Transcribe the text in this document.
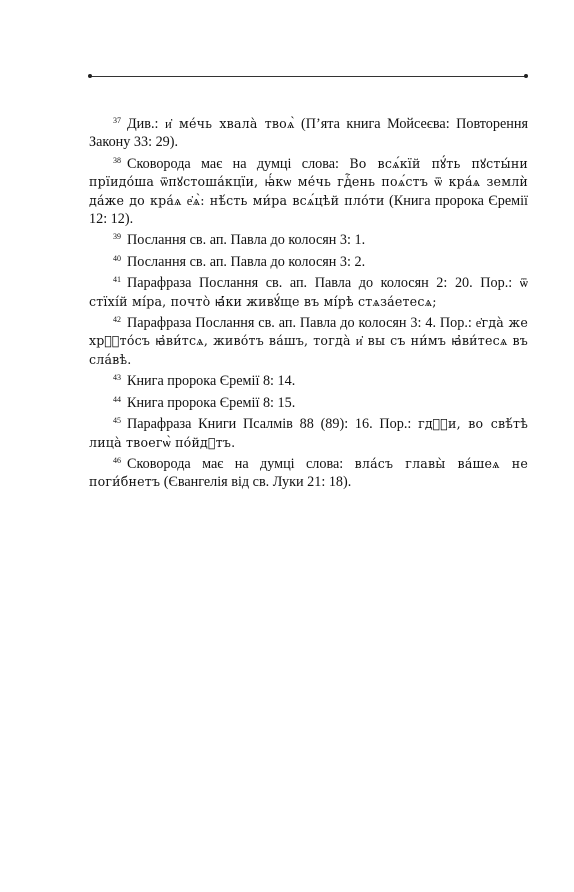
$^{37}$ Див.: и҆ ме́чь хвала̀ твоѧ̀ (П’ята книга Мойсеєва: Повторення Закону 33: 29).

$^{38}$ Сковорода має на думці слова: Во всѧ́кїй пꙋ́ть пꙋсты́ни прїидо́ша ѿпꙋстоша́кцїи, ꙗ҆́кѡ ме́чь гдⷭ҇ень поѧ́стъ ѿ кра́ѧ землѝ да́же до кра́ѧ е҆ѧ̀: нѣ́сть ми́ра всѧ́цѣй пло́ти (Книга пророка Єремії 12: 12).

$^{39}$ Послання св. ап. Павла до колосян 3: 1.

$^{40}$ Послання св. ап. Павла до колосян 3: 2.

$^{41}$ Парафраза Послання св. ап. Павла до колосян 2: 20. Пор.: ѿ стїхі́й мі́ра, почто̀ ꙗ҆́ки живꙋ́ще въ мі́рѣ стѧза́етесѧ;

$^{42}$ Парафраза Послання св. ап. Павла до колосян 3: 4. Пор.: е҆гда̀ же хрⷭ҇то́съ ꙗ҆ви́тсѧ, живо́тъ ва́шъ, тогда̀ и҆ вы съ ни́мъ ꙗ҆ви́тесѧ въ сла́вѣ.

$^{43}$ Книга пророка Єремії 8: 14.

$^{44}$ Книга пророка Єремії 8: 15.

$^{45}$ Парафраза Книги Псалмів 88 (89): 16. Пор.: гдⷭ҇и, во свѣ́тѣ лица̀ твоегѡ̀ по́йдꙋтъ.

$^{46}$ Сковорода має на думці слова: вла́съ главы̀ ва́шеѧ не поги́бнетъ (Євангелія від св. Луки 21: 18).
